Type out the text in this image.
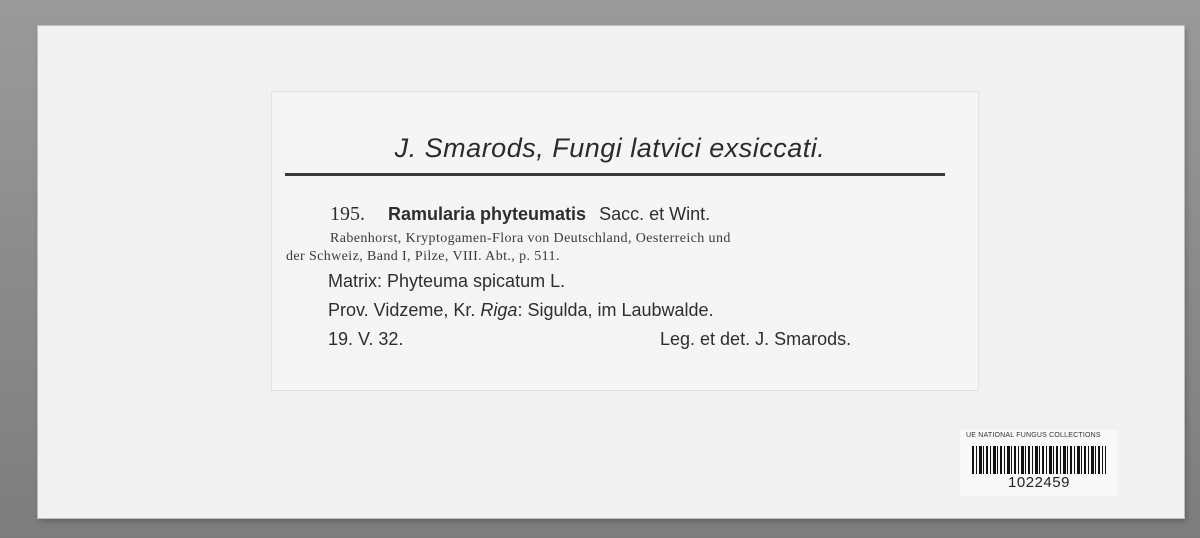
J. Smarods, Fungi latvici exsiccati.
195. Ramularia phyteumatis Sacc. et Wint.
Rabenhorst, Kryptogamen-Flora von Deutschland, Oesterreich und
der Schweiz, Band I, Pilze, VIII. Abt., p. 511.
Matrix: Phyteuma spicatum L.
Prov. Vidzeme, Kr. Riga: Sigulda, im Laubwalde.
19. V. 32.	Leg. et det. J. Smarods.
UE NATIONAL FUNGUS COLLECTIONS
1022459
